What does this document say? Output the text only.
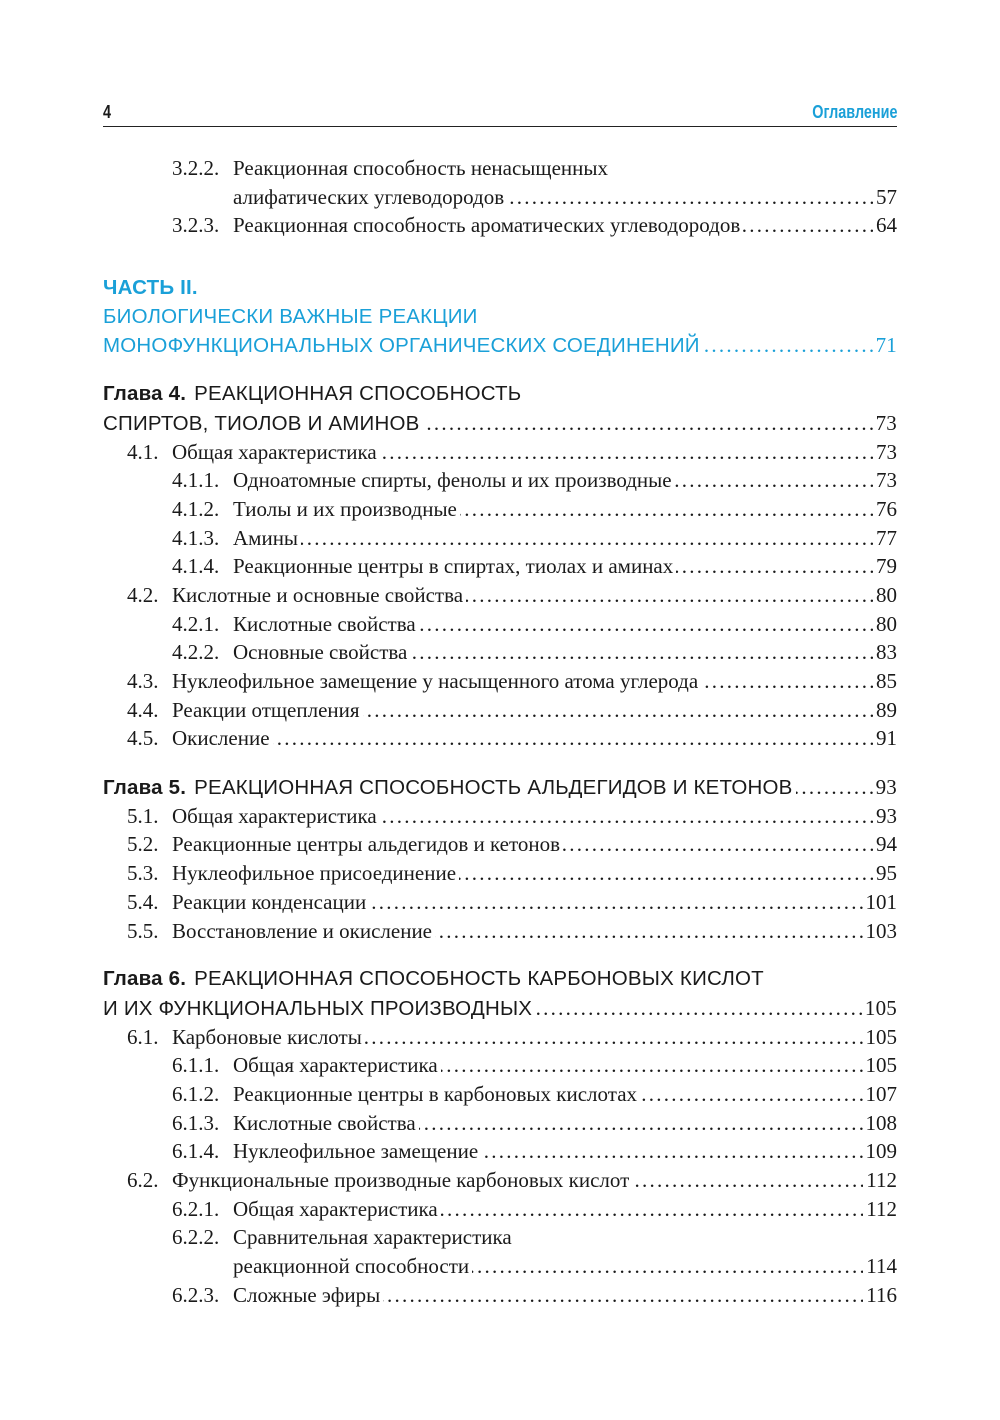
4	Оглавление
3.2.2. Реакционная способность ненасыщенных
алифатических углеводородов . . .	57
3.2.3. Реакционная способность ароматических углеводородов . . .	64
ЧАСТЬ II.
БИОЛОГИЧЕСКИ ВАЖНЫЕ РЕАКЦИИ
МОНОФУНКЦИОНАЛЬНЫХ ОРГАНИЧЕСКИХ СОЕДИНЕНИЙ . . .	71
Глава 4. РЕАКЦИОННАЯ СПОСОБНОСТЬ
СПИРТОВ, ТИОЛОВ И АМИНОВ . . .	73
4.1. Общая характеристика . . .	73
4.1.1. Одноатомные спирты, фенолы и их производные . . .	73
4.1.2. Тиолы и их производные . . .	76
4.1.3. Амины . . .	77
4.1.4. Реакционные центры в спиртах, тиолах и аминах . . .	79
4.2. Кислотные и основные свойства . . .	80
4.2.1. Кислотные свойства . . .	80
4.2.2. Основные свойства . . .	83
4.3. Нуклеофильное замещение у насыщенного атома углерода . . .	85
4.4. Реакции отщепления . . .	89
4.5. Окисление . . .	91
Глава 5. РЕАКЦИОННАЯ СПОСОБНОСТЬ АЛЬДЕГИДОВ И КЕТОНОВ . . .	93
5.1. Общая характеристика . . .	93
5.2. Реакционные центры альдегидов и кетонов . . .	94
5.3. Нуклеофильное присоединение . . .	95
5.4. Реакции конденсации . . .	101
5.5. Восстановление и окисление . . .	103
Глава 6. РЕАКЦИОННАЯ СПОСОБНОСТЬ КАРБОНОВЫХ КИСЛОТ
И ИХ ФУНКЦИОНАЛЬНЫХ ПРОИЗВОДНЫХ . . .	105
6.1. Карбоновые кислоты . . .	105
6.1.1. Общая характеристика . . .	105
6.1.2. Реакционные центры в карбоновых кислотах . . .	107
6.1.3. Кислотные свойства . . .	108
6.1.4. Нуклеофильное замещение . . .	109
6.2. Функциональные производные карбоновых кислот . . .	112
6.2.1. Общая характеристика . . .	112
6.2.2. Сравнительная характеристика
реакционной способности . . .	114
6.2.3. Сложные эфиры . . .	116
